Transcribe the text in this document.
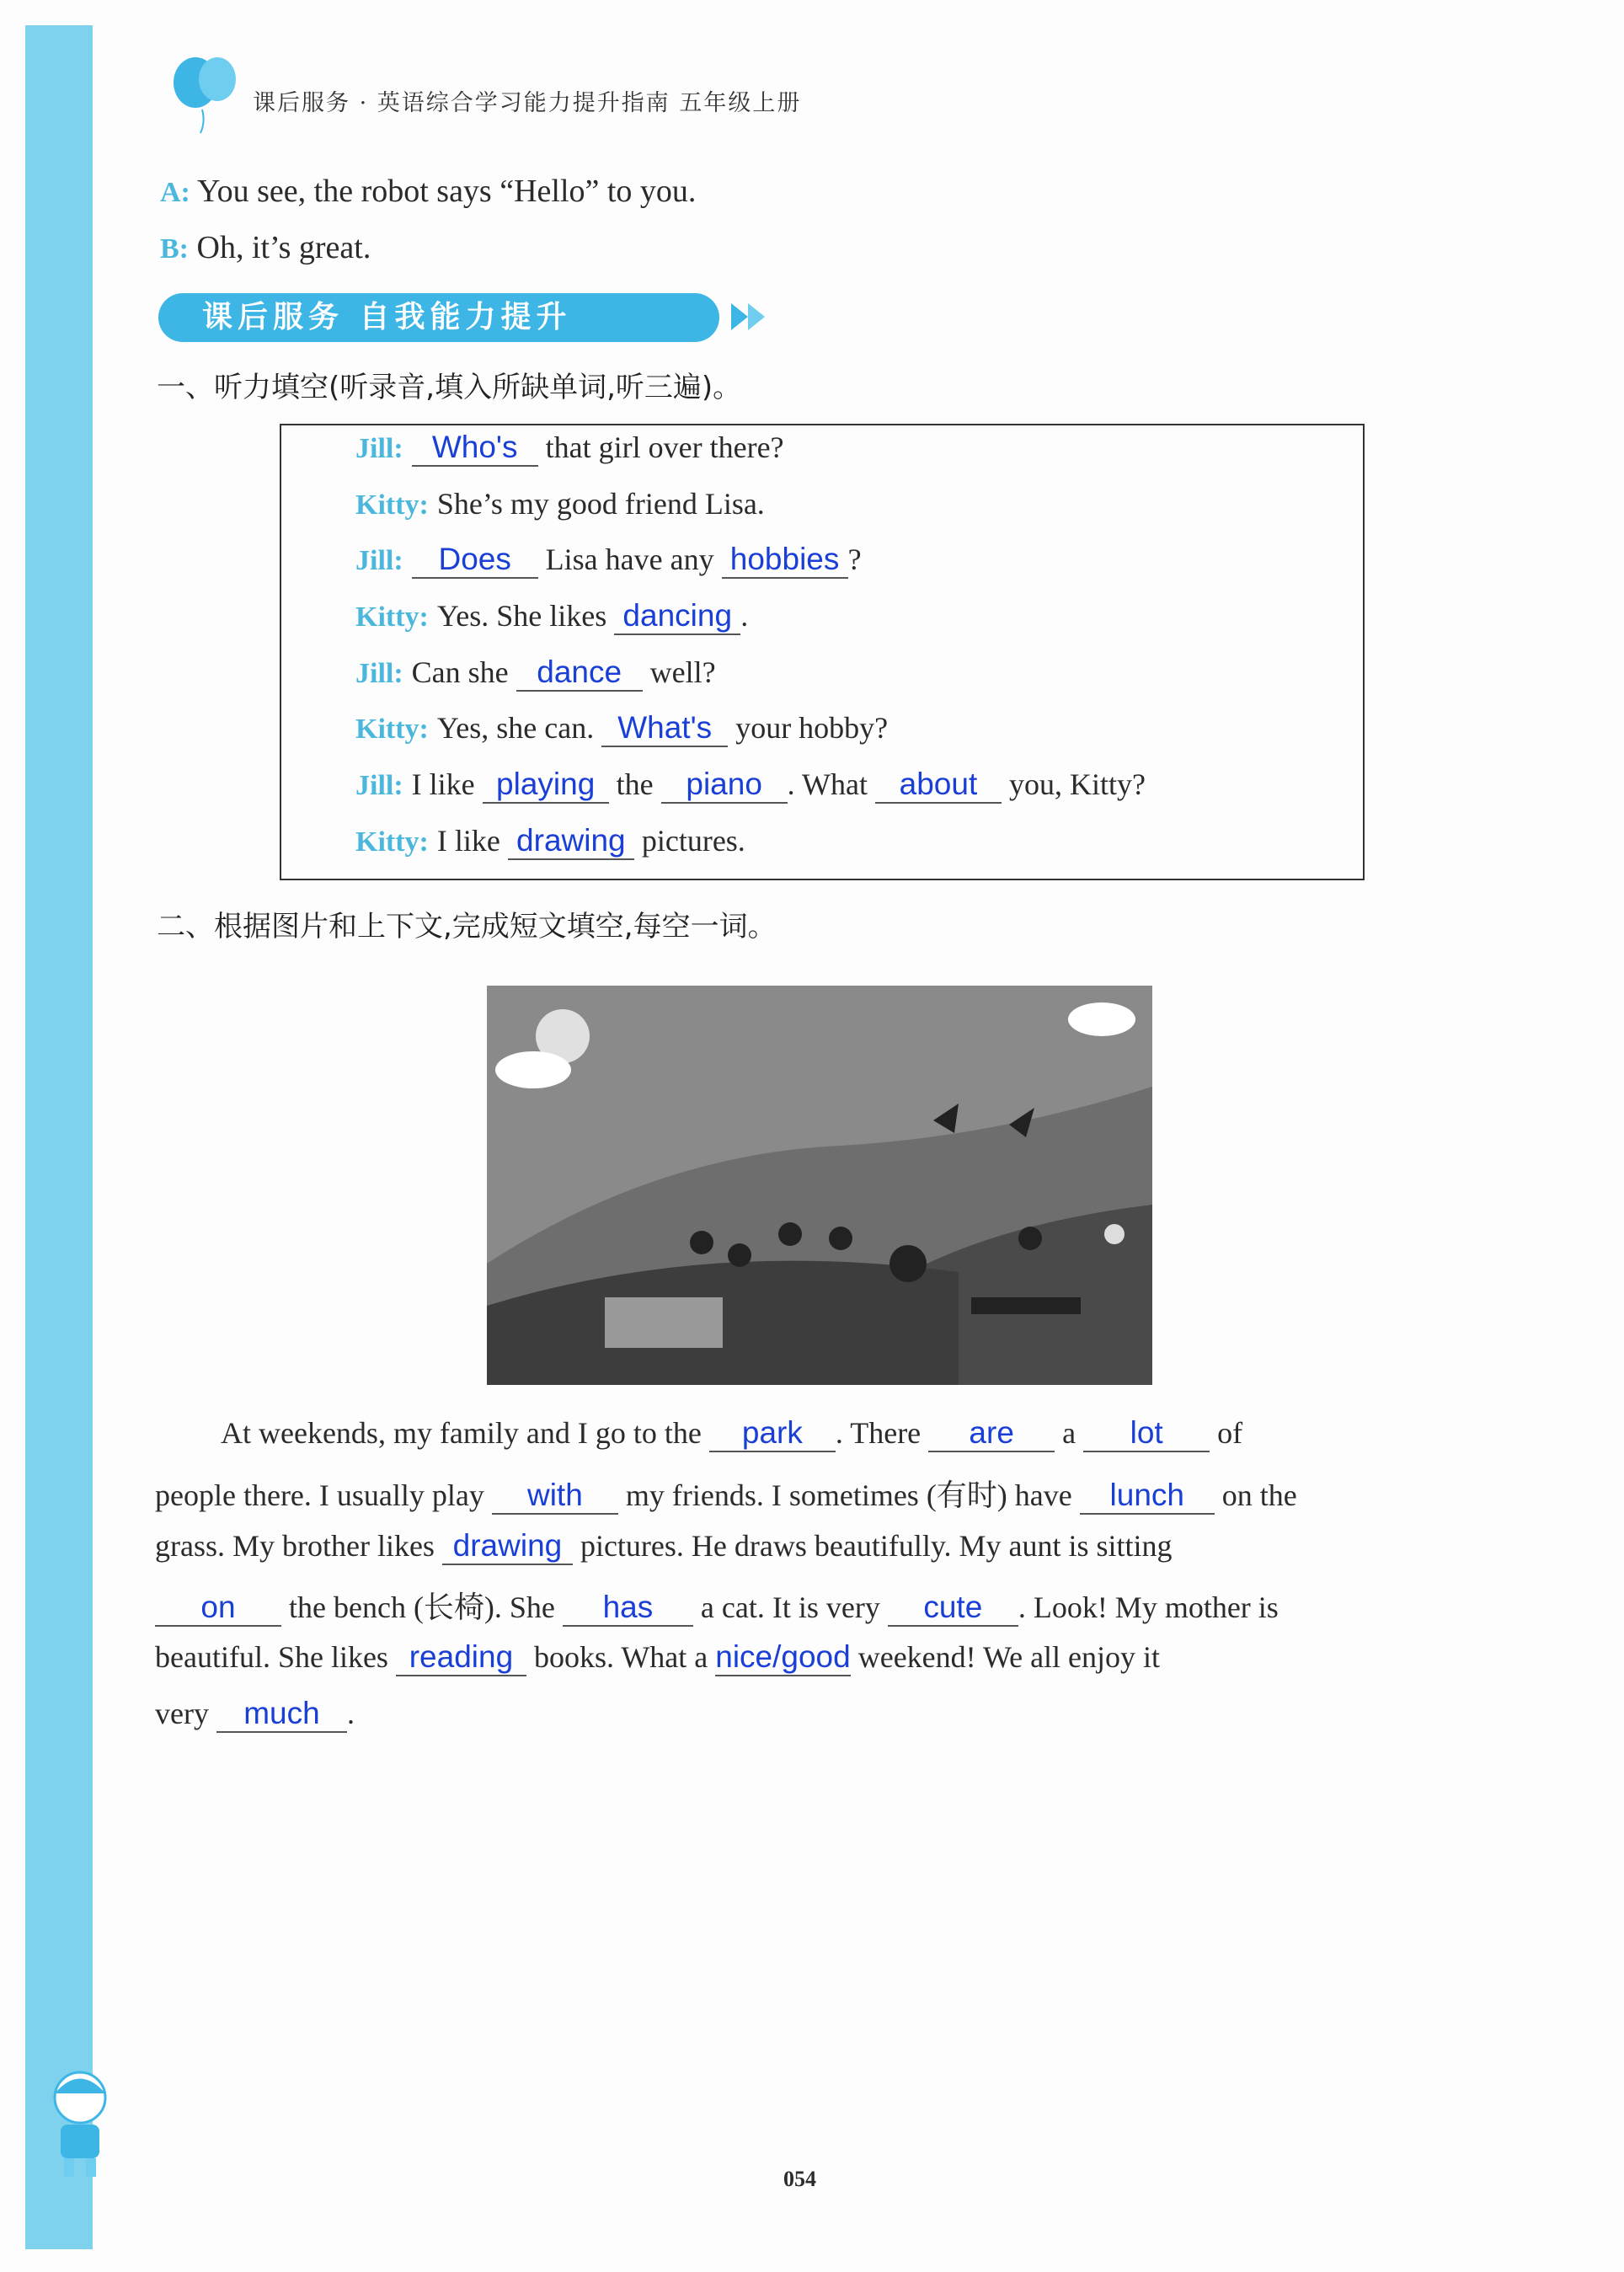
课后服务 · 英语综合学习能力提升指南 五年级上册
A: You see, the robot says “Hello” to you.
B: Oh, it’s great.
课后服务 自我能力提升
一、听力填空(听录音,填入所缺单词,听三遍)。
Jill: Who's that girl over there?
Kitty: She’s my good friend Lisa.
Jill: Does Lisa have any hobbies ?
Kitty: Yes. She likes dancing .
Jill: Can she dance well?
Kitty: Yes, she can. What's your hobby?
Jill: I like playing the piano . What about you, Kitty?
Kitty: I like drawing pictures.
二、根据图片和上下文,完成短文填空,每空一词。
At weekends, my family and I go to the park . There are a lot of
people there. I usually play with my friends. I sometimes (有时) have lunch on the
grass. My brother likes drawing pictures. He draws beautifully. My aunt is sitting
on the bench (长椅). She has a cat. It is very cute . Look! My mother is
beautiful. She likes reading books. What a nice/good weekend! We all enjoy it
very much .
054
